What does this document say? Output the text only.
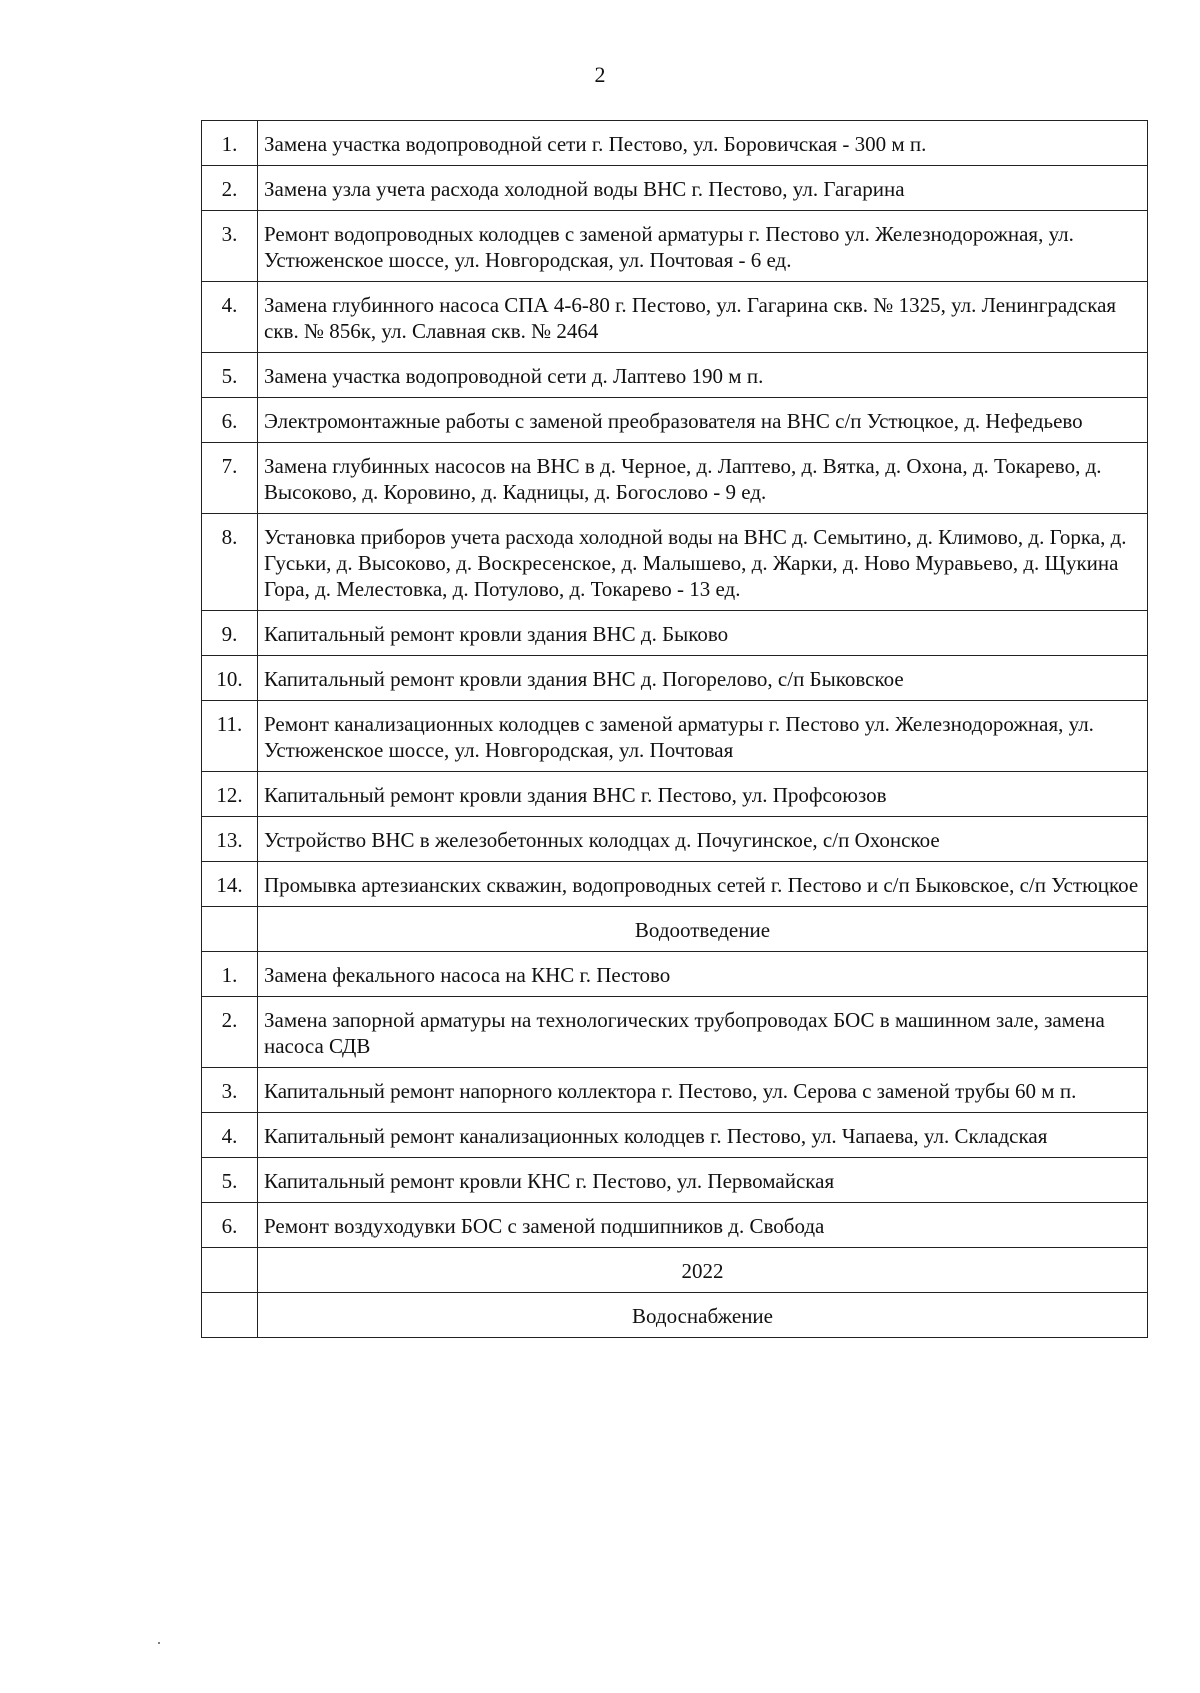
2
1.	Замена участка водопроводной сети г. Пестово, ул. Боровичская - 300 м п.
2.	Замена узла учета расхода холодной воды ВНС г. Пестово, ул. Гагарина
3.	Ремонт водопроводных колодцев с заменой арматуры г. Пестово ул. Железнодорожная, ул. Устюженское шоссе, ул. Новгородская, ул. Почтовая - 6 ед.
4.	Замена глубинного насоса СПА 4-6-80 г. Пестово, ул. Гагарина скв. № 1325, ул. Ленинградская скв. № 856к, ул. Славная скв. № 2464
5.	Замена участка водопроводной сети д. Лаптево 190 м п.
6.	Электромонтажные работы с заменой преобразователя на ВНС с/п Устюцкое, д. Нефедьево
7.	Замена глубинных насосов на ВНС в д. Черное, д. Лаптево, д. Вятка, д. Охона, д. Токарево, д. Высоково, д. Коровино, д. Кадницы, д. Богослово - 9 ед.
8.	Установка приборов учета расхода холодной воды на ВНС д. Семытино, д. Климово, д. Горка, д. Гуськи, д. Высоково, д. Воскресенское, д. Малышево, д. Жарки, д. Ново Муравьево, д. Щукина Гора, д. Мелестовка, д. Потулово, д. Токарево - 13 ед.
9.	Капитальный ремонт кровли здания ВНС д. Быково
10.	Капитальный ремонт кровли здания ВНС д. Погорелово, с/п Быковское
11.	Ремонт канализационных колодцев с заменой арматуры г. Пестово ул. Железнодорожная, ул. Устюженское шоссе, ул. Новгородская, ул. Почтовая
12.	Капитальный ремонт кровли здания ВНС г. Пестово, ул. Профсоюзов
13.	Устройство ВНС в железобетонных колодцах д. Почугинское, с/п Охонское
14.	Промывка артезианских скважин, водопроводных сетей г. Пестово и с/п Быковское, с/п Устюцкое
	Водоотведение
1.	Замена фекального насоса на КНС г. Пестово
2.	Замена запорной арматуры на технологических трубопроводах БОС в машинном зале, замена насоса СДВ
3.	Капитальный ремонт напорного коллектора г. Пестово, ул. Серова с заменой трубы 60 м п.
4.	Капитальный ремонт канализационных колодцев г. Пестово, ул. Чапаева, ул. Складская
5.	Капитальный ремонт кровли КНС г. Пестово, ул. Первомайская
6.	Ремонт воздуходувки БОС с заменой подшипников д. Свобода
	2022
	Водоснабжение
